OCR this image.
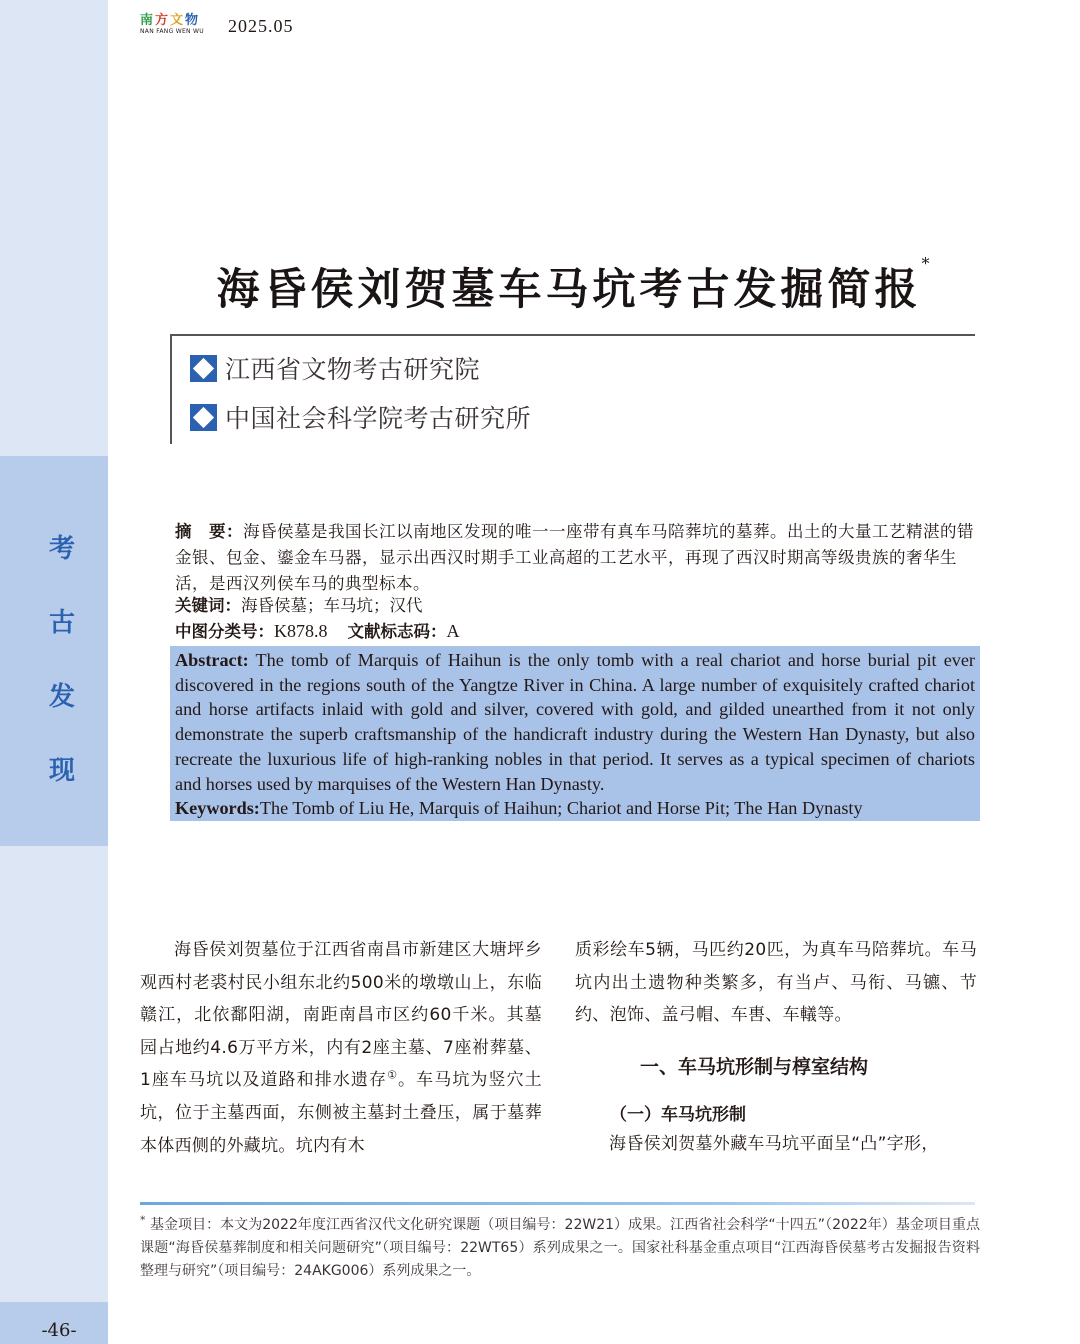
考
古
发
现
-46-
南 方 文 物
NAN FANG WEN WU	2025.05
海昏侯刘贺墓车马坑考古发掘简报*
江西省文物考古研究院
中国社会科学院考古研究所
摘　要：海昏侯墓是我国长江以南地区发现的唯一一座带有真车马陪葬坑的墓葬。出土的大量工艺精湛的错金银、包金、鎏金车马器，显示出西汉时期手工业高超的工艺水平，再现了西汉时期高等级贵族的奢华生活，是西汉列侯车马的典型标本。
关键词：海昏侯墓；车马坑；汉代
中图分类号：K878.8 文献标志码：A
Abstract: The tomb of Marquis of Haihun is the only tomb with a real chariot and horse burial pit ever discovered in the regions south of the Yangtze River in China. A large number of exquisitely crafted chariot and horse artifacts inlaid with gold and silver, covered with gold, and gilded unearthed from it not only demonstrate the superb craftsmanship of the handicraft industry during the Western Han Dynasty, but also recreate the luxurious life of high-ranking nobles in that period. It serves as a typical specimen of chariots and horses used by marquises of the Western Han Dynasty.
Keywords:The Tomb of Liu He, Marquis of Haihun; Chariot and Horse Pit; The Han Dynasty

海昏侯刘贺墓位于江西省南昌市新建区大塘坪乡观西村老裘村民小组东北约500米的墩墩山上，东临赣江，北依鄱阳湖，南距南昌市区约60千米。其墓园占地约4.6万平方米，内有2座主墓、7座祔葬墓、1座车马坑以及道路和排水遗存①。车马坑为竖穴土坑，位于主墓西面，东侧被主墓封土叠压，属于墓葬本体西侧的外藏坑。坑内有木

质彩绘车5辆，马匹约20匹，为真车马陪葬坑。车马坑内出土遗物种类繁多，有当卢、马衔、马镳、节约、泡饰、盖弓帽、车軎、车轙等。

一、车马坑形制与椁室结构
（一）车马坑形制

海昏侯刘贺墓外藏车马坑平面呈“凸”字形，

* 基金项目：本文为2022年度江西省汉代文化研究课题（项目编号：22W21）成果。江西省社会科学“十四五”（2022年）基金项目重点课题“海昏侯墓葬制度和相关问题研究”（项目编号：22WT65）系列成果之一。国家社科基金重点项目“江西海昏侯墓考古发掘报告资料整理与研究”（项目编号：24AKG006）系列成果之一。
